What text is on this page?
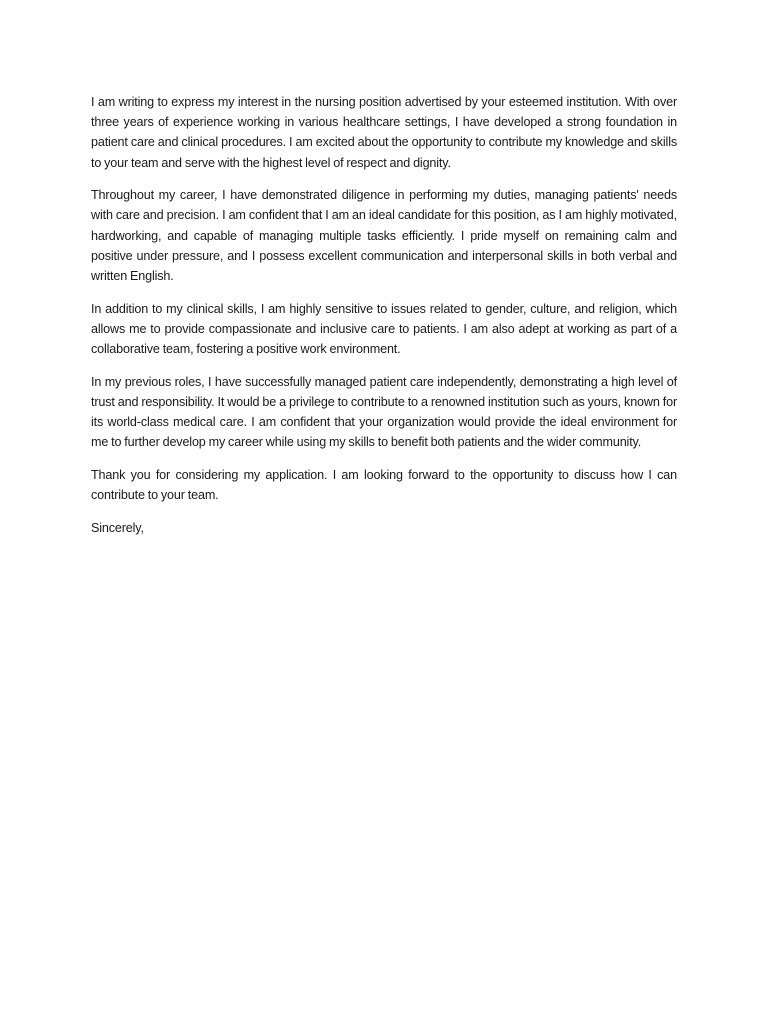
I am writing to express my interest in the nursing position advertised by your esteemed institution. With over three years of experience working in various healthcare settings, I have developed a strong foundation in patient care and clinical procedures. I am excited about the opportunity to contribute my knowledge and skills to your team and serve with the highest level of respect and dignity.

Throughout my career, I have demonstrated diligence in performing my duties, managing patients' needs with care and precision. I am confident that I am an ideal candidate for this position, as I am highly motivated, hardworking, and capable of managing multiple tasks efficiently. I pride myself on remaining calm and positive under pressure, and I possess excellent communication and interpersonal skills in both verbal and written English.

In addition to my clinical skills, I am highly sensitive to issues related to gender, culture, and religion, which allows me to provide compassionate and inclusive care to patients. I am also adept at working as part of a collaborative team, fostering a positive work environment.

In my previous roles, I have successfully managed patient care independently, demonstrating a high level of trust and responsibility. It would be a privilege to contribute to a renowned institution such as yours, known for its world-class medical care. I am confident that your organization would provide the ideal environment for me to further develop my career while using my skills to benefit both patients and the wider community.

Thank you for considering my application. I am looking forward to the opportunity to discuss how I can contribute to your team.

Sincerely,
